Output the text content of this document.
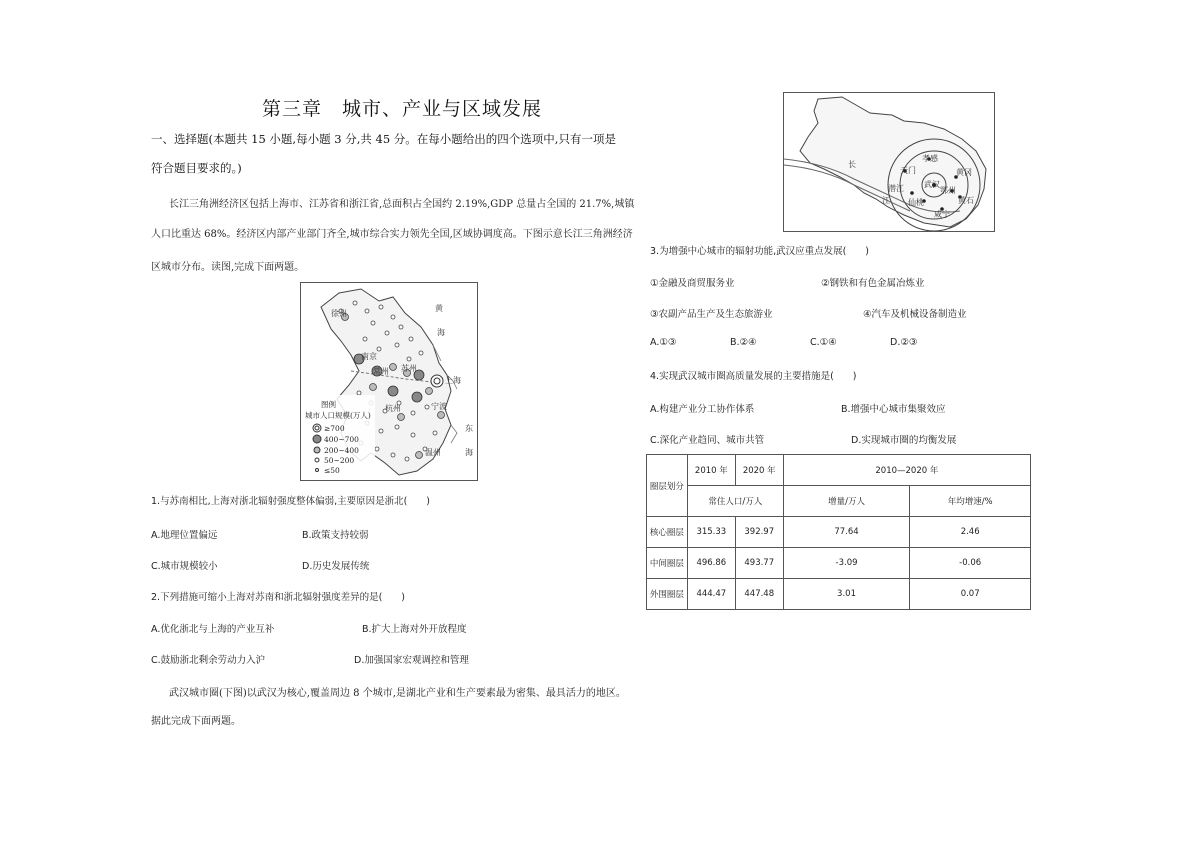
第三章　城市、产业与区域发展
一、选择题(本题共 15 小题,每小题 3 分,共 45 分。在每小题给出的四个选项中,只有一项是
符合题目要求的。)
长江三角洲经济区包括上海市、江苏省和浙江省,总面积占全国约 2.19%,GDP 总量占全国的 21.7%,城镇
人口比重达 68%。经济区内部产业部门齐全,城市综合实力领先全国,区域协调度高。下图示意长江三角洲经济
区城市分布。读图,完成下面两题。
徐州
黄
海
南京
常州 苏州
上海
杭州	宁波
温州
东
海
图例
城市人口规模(万人)
≥700
400~700
200~400
50~200
≤50
1.与苏南相比,上海对浙北辐射强度整体偏弱,主要原因是浙北(　　)
A.地理位置偏远	B.政策支持较弱
C.城市规模较小	D.历史发展传统
2.下列措施可缩小上海对苏南和浙北辐射强度差异的是(　　)
A.优化浙北与上海的产业互补	B.扩大上海对外开放程度
C.鼓励浙北剩余劳动力入沪	D.加强国家宏观调控和管理
武汉城市圈(下图)以武汉为核心,覆盖周边 8 个城市,是湖北产业和生产要素最为密集、最具活力的地区。
据此完成下面两题。
长
江
孝感
天门
武汉
黄冈
潜江
仙桃
鄂州
黄石
咸宁
3.为增强中心城市的辐射功能,武汉应重点发展(　　)
①金融及商贸服务业	②钢铁和有色金属冶炼业
③农副产品生产及生态旅游业	④汽车及机械设备制造业
A.①③	B.②④	C.①④	D.②③
4.实现武汉城市圈高质量发展的主要措施是(　　)
A.构建产业分工协作体系	B.增强中心城市集聚效应
C.深化产业趋同、城市共管	D.实现城市圈的均衡发展
圈层划分	2010 年	2020 年	2010—2020 年	
	常住人口/万人		增量/万人	年均增速/%
核心圈层	315.33	392.97	77.64	2.46
中间圈层	496.86	493.77	-3.09	-0.06
外围圈层	444.47	447.48	3.01	0.07
